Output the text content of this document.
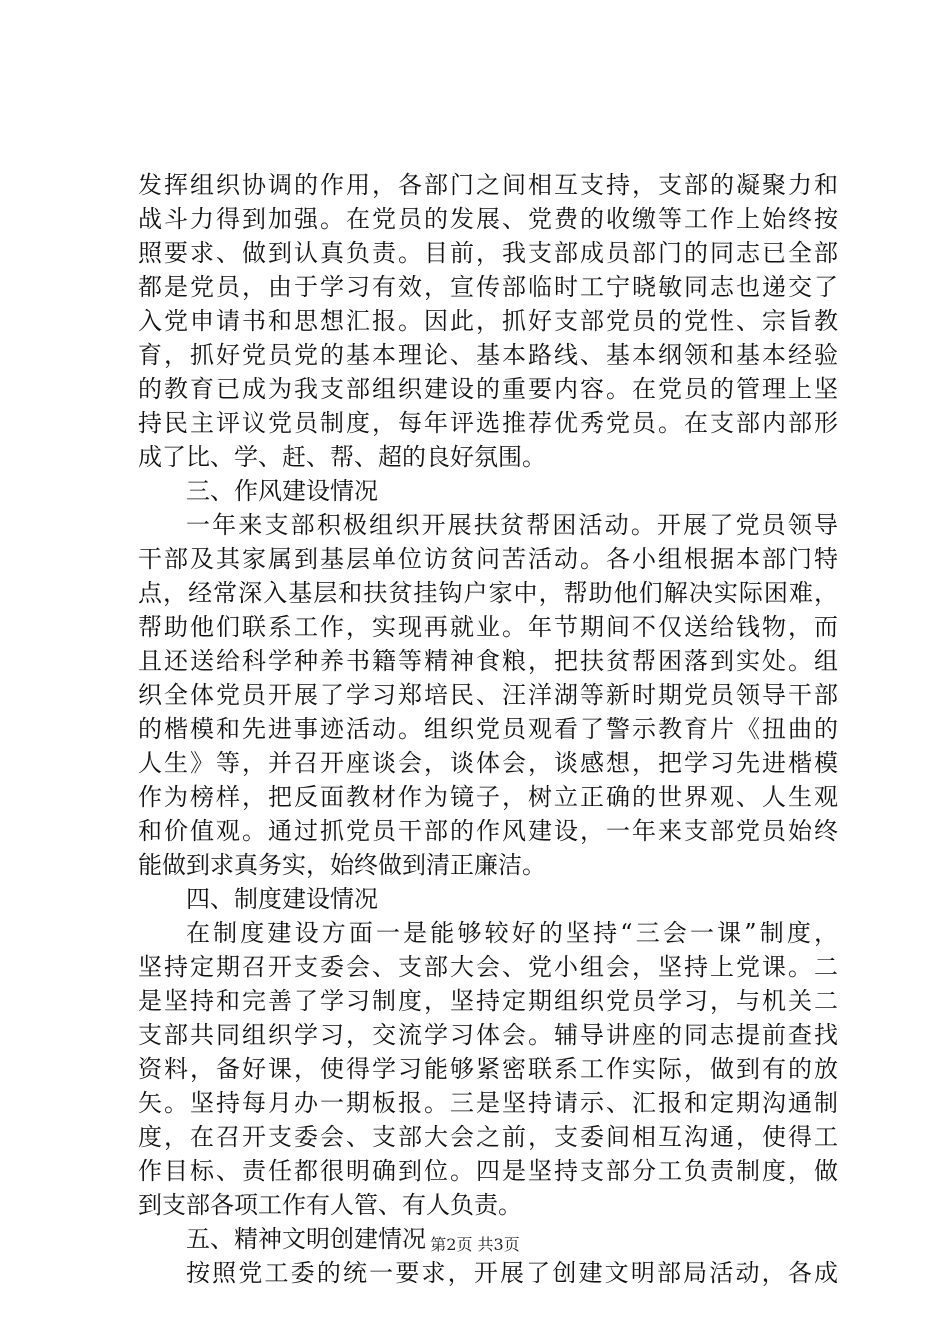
发挥组织协调的作用，各部门之间相互支持，支部的凝聚力和
战斗力得到加强。在党员的发展、党费的收缴等工作上始终按
照要求、做到认真负责。目前，我支部成员部门的同志已全部
都是党员，由于学习有效，宣传部临时工宁晓敏同志也递交了
入党申请书和思想汇报。因此，抓好支部党员的党性、宗旨教
育，抓好党员党的基本理论、基本路线、基本纲领和基本经验
的教育已成为我支部组织建设的重要内容。在党员的管理上坚
持民主评议党员制度，每年评选推荐优秀党员。在支部内部形
成了比、学、赶、帮、超的良好氛围。
三、作风建设情况
一年来支部积极组织开展扶贫帮困活动。开展了党员领导
干部及其家属到基层单位访贫问苦活动。各小组根据本部门特
点，经常深入基层和扶贫挂钩户家中，帮助他们解决实际困难，
帮助他们联系工作，实现再就业。年节期间不仅送给钱物，而
且还送给科学种养书籍等精神食粮，把扶贫帮困落到实处。组
织全体党员开展了学习郑培民、汪洋湖等新时期党员领导干部
的楷模和先进事迹活动。组织党员观看了警示教育片《扭曲的
人生》等，并召开座谈会，谈体会，谈感想，把学习先进楷模
作为榜样，把反面教材作为镜子，树立正确的世界观、人生观
和价值观。通过抓党员干部的作风建设，一年来支部党员始终
能做到求真务实，始终做到清正廉洁。
四、制度建设情况
在制度建设方面一是能够较好的坚持“三会一课”制度，
坚持定期召开支委会、支部大会、党小组会，坚持上党课。二
是坚持和完善了学习制度，坚持定期组织党员学习，与机关二
支部共同组织学习，交流学习体会。辅导讲座的同志提前查找
资料，备好课，使得学习能够紧密联系工作实际，做到有的放
矢。坚持每月办一期板报。三是坚持请示、汇报和定期沟通制
度，在召开支委会、支部大会之前，支委间相互沟通，使得工
作目标、责任都很明确到位。四是坚持支部分工负责制度，做
到支部各项工作有人管、有人负责。
五、精神文明创建情况
按照党工委的统一要求，开展了创建文明部局活动，各成
第2页 共3页
